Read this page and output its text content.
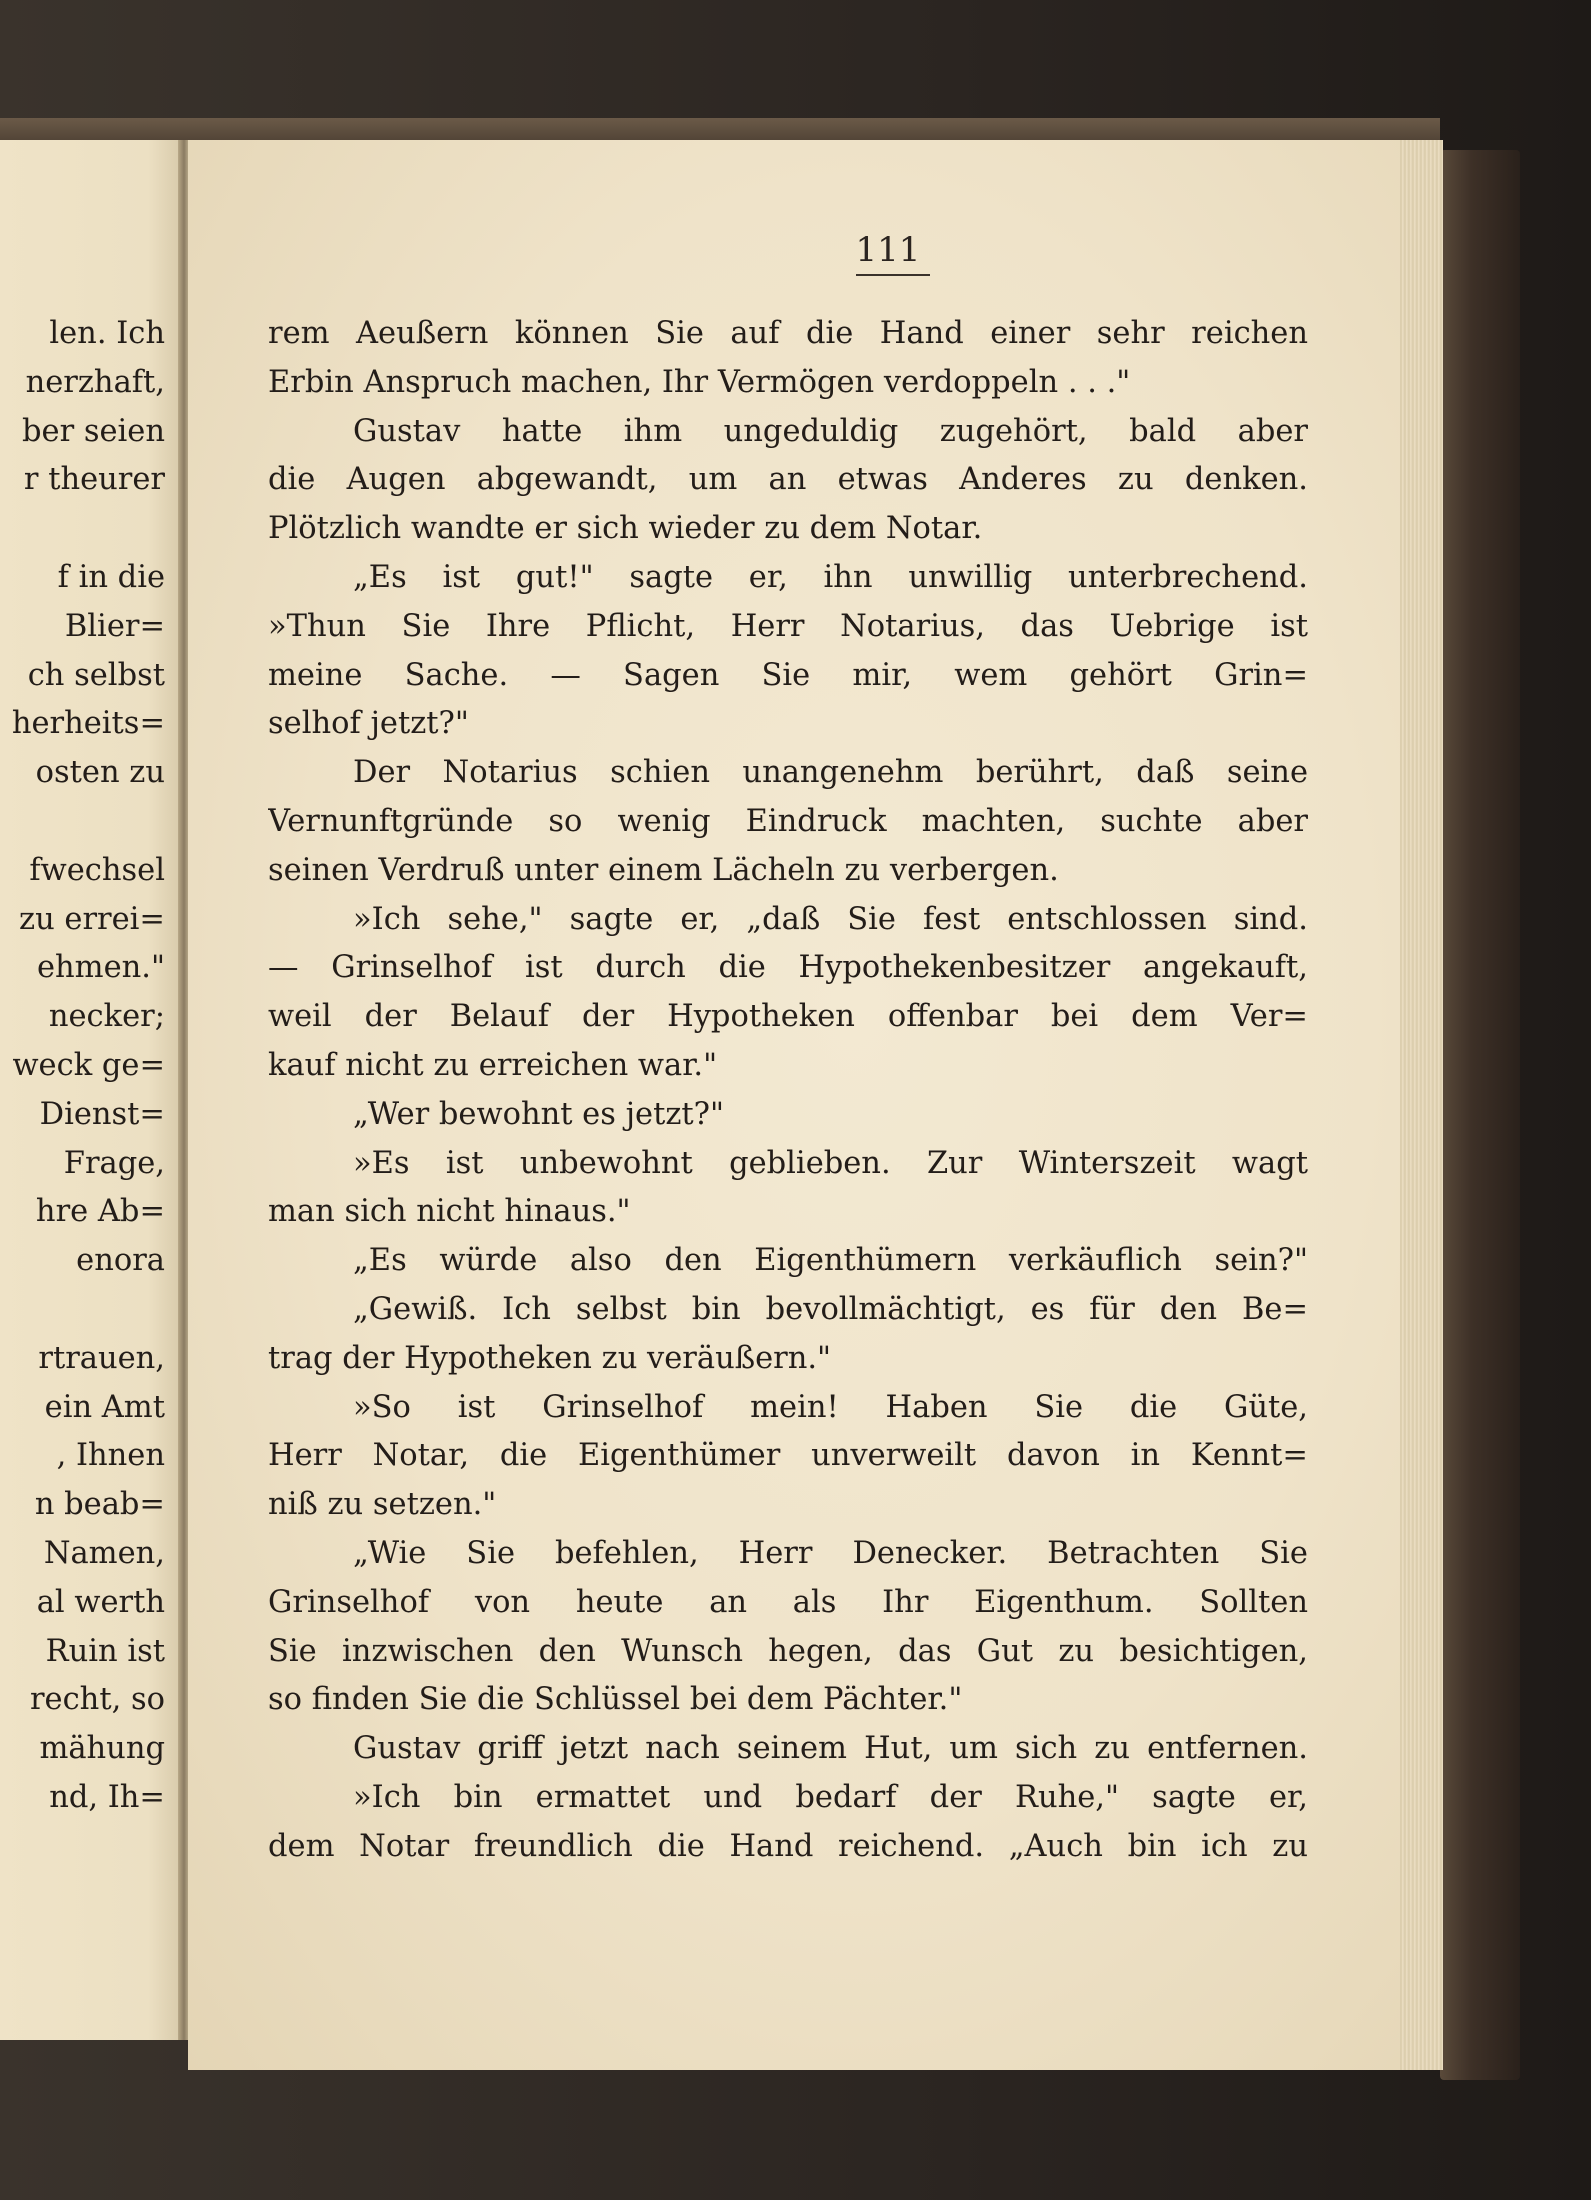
len. Ich
nerzhaft,
ber seien
r theurer
f in die
Blier=
ch selbst
herheits=
osten zu
fwechsel
zu errei=
ehmen."
necker;
weck ge=
Dienst=
Frage,
hre Ab=
enora
rtrauen,
ein Amt
, Ihnen
n beab=
Namen,
al werth
Ruin ist
recht, so
mähung
nd, Ih=
111
rem Aeußern können Sie auf die Hand einer sehr reichen
Erbin Anspruch machen, Ihr Vermögen verdoppeln . . ."
Gustav hatte ihm ungeduldig zugehört, bald aber
die Augen abgewandt, um an etwas Anderes zu denken.
Plötzlich wandte er sich wieder zu dem Notar.
„Es ist gut!" sagte er, ihn unwillig unterbrechend.
»Thun Sie Ihre Pflicht, Herr Notarius, das Uebrige ist
meine Sache. — Sagen Sie mir, wem gehört Grin=
selhof jetzt?"
Der Notarius schien unangenehm berührt, daß seine
Vernunftgründe so wenig Eindruck machten, suchte aber
seinen Verdruß unter einem Lächeln zu verbergen.
»Ich sehe," sagte er, „daß Sie fest entschlossen sind.
— Grinselhof ist durch die Hypothekenbesitzer angekauft,
weil der Belauf der Hypotheken offenbar bei dem Ver=
kauf nicht zu erreichen war."
„Wer bewohnt es jetzt?"
»Es ist unbewohnt geblieben. Zur Winterszeit wagt
man sich nicht hinaus."
„Es würde also den Eigenthümern verkäuflich sein?"
„Gewiß. Ich selbst bin bevollmächtigt, es für den Be=
trag der Hypotheken zu veräußern."
»So ist Grinselhof mein! Haben Sie die Güte,
Herr Notar, die Eigenthümer unverweilt davon in Kennt=
niß zu setzen."
„Wie Sie befehlen, Herr Denecker. Betrachten Sie
Grinselhof von heute an als Ihr Eigenthum. Sollten
Sie inzwischen den Wunsch hegen, das Gut zu besichtigen,
so finden Sie die Schlüssel bei dem Pächter."
Gustav griff jetzt nach seinem Hut, um sich zu entfernen.
»Ich bin ermattet und bedarf der Ruhe," sagte er,
dem Notar freundlich die Hand reichend. „Auch bin ich zu
